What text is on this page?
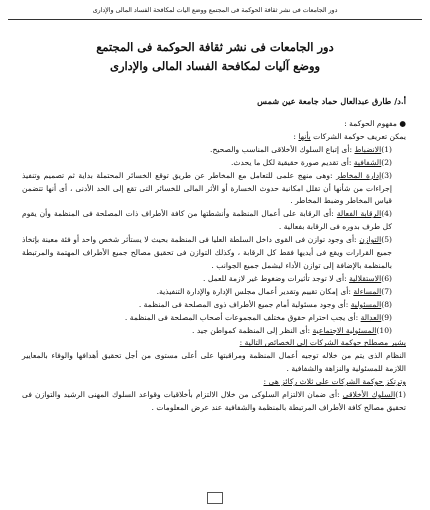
دور الجامعات فى نشر ثقافة الحوكمة فى المجتمع ووضع آليات لمكافحة الفساد المالى والإدارى
دور الجامعات فى نشر ثقافة الحوكمة فى المجتمع
ووضع آليات لمكافحة الفساد المالى والإدارى
أ.د/ طارق عبدالعال حماد جامعة عين شمس

● مفهوم الحوكمة :

يمكن تعريف حوكمة الشركات بأنها :

(1)الانضباط :أى إتباع السلوك الأخلاقى المناسب والصحيح.

(2)الشفافية :أى تقديم صورة حقيقية لكل ما يحدث.

(3)إدارة المخاطر :وهى منهج علمى للتعامل مع المخاطر عن طريق توقع الخسائر المحتملة بداية ثم تصميم وتنفيذ إجراءات من شأنها أن تقلل امكانية حدوث الخسارة أو الأثر المالى للخسائر التى تقع إلى الحد الأدنى ، أى أنها تتضمن قياس المخاطر وضبط المخاطر .

(4)الرقابة الفعالة :أى الرقابة على أعمال المنظمة وأنشطتها من كافة الأطراف ذات المصلحة فى المنظمة وأن يقوم كل طرف بدوره فى الرقابة بفعالية .

(5)التوازن :أى وجود توازن فى القوى داخل السلطة العليا فى المنظمة بحيث لا يستأثر شخص واحد أو فئة معينة بإتخاذ جميع القرارات ويقع فى أيديها فقط كل الرقابة ، وكذلك التوازن فى تحقيق مصالح جميع الأطراف المهتمة والمرتبطة بالمنظمة بالإضافة إلى توازن الأداء ليشمل جميع الجوانب .

(6)الاستقلالية :أى لا توجد تأثيرات وضغوط غير لازمة للعمل .

(7)المساءلة :أى إمكان تقييم وتقدير أعمال مجلس الإدارة والإدارة التنفيذية.

(8)المسئولية :أى وجود مسئولية أمام جميع الأطراف ذوى المصلحة فى المنظمة .

(9)العدالة :أى يجب احترام حقوق مختلف المجموعات أصحاب المصلحة فى المنظمة .

(10)المسئولية الاجتماعية :أى النظر إلى المنظمة كمواطن جيد .

يشير مصطلح حوكمة الشركات إلى الخصائص التالية :

النظام الذى يتم من خلاله توجيه أعمال المنظمة ومراقبتها على أعلى مستوى من أجل تحقيق أهدافها والوفاء بالمعايير اللازمة للمسئولية والنزاهة والشفافية .

وترتكز حوكمة الشركات على ثلاث ركائز هى :

(1)السلوك الأخلاقى :أى ضمان الالتزام السلوكى من خلال الالتزام بأخلاقيات وقواعد السلوك المهنى الرشيد والتوازن فى تحقيق مصالح كافة الأطراف المرتبطة بالمنظمة والشفافية عند عرض المعلومات .
